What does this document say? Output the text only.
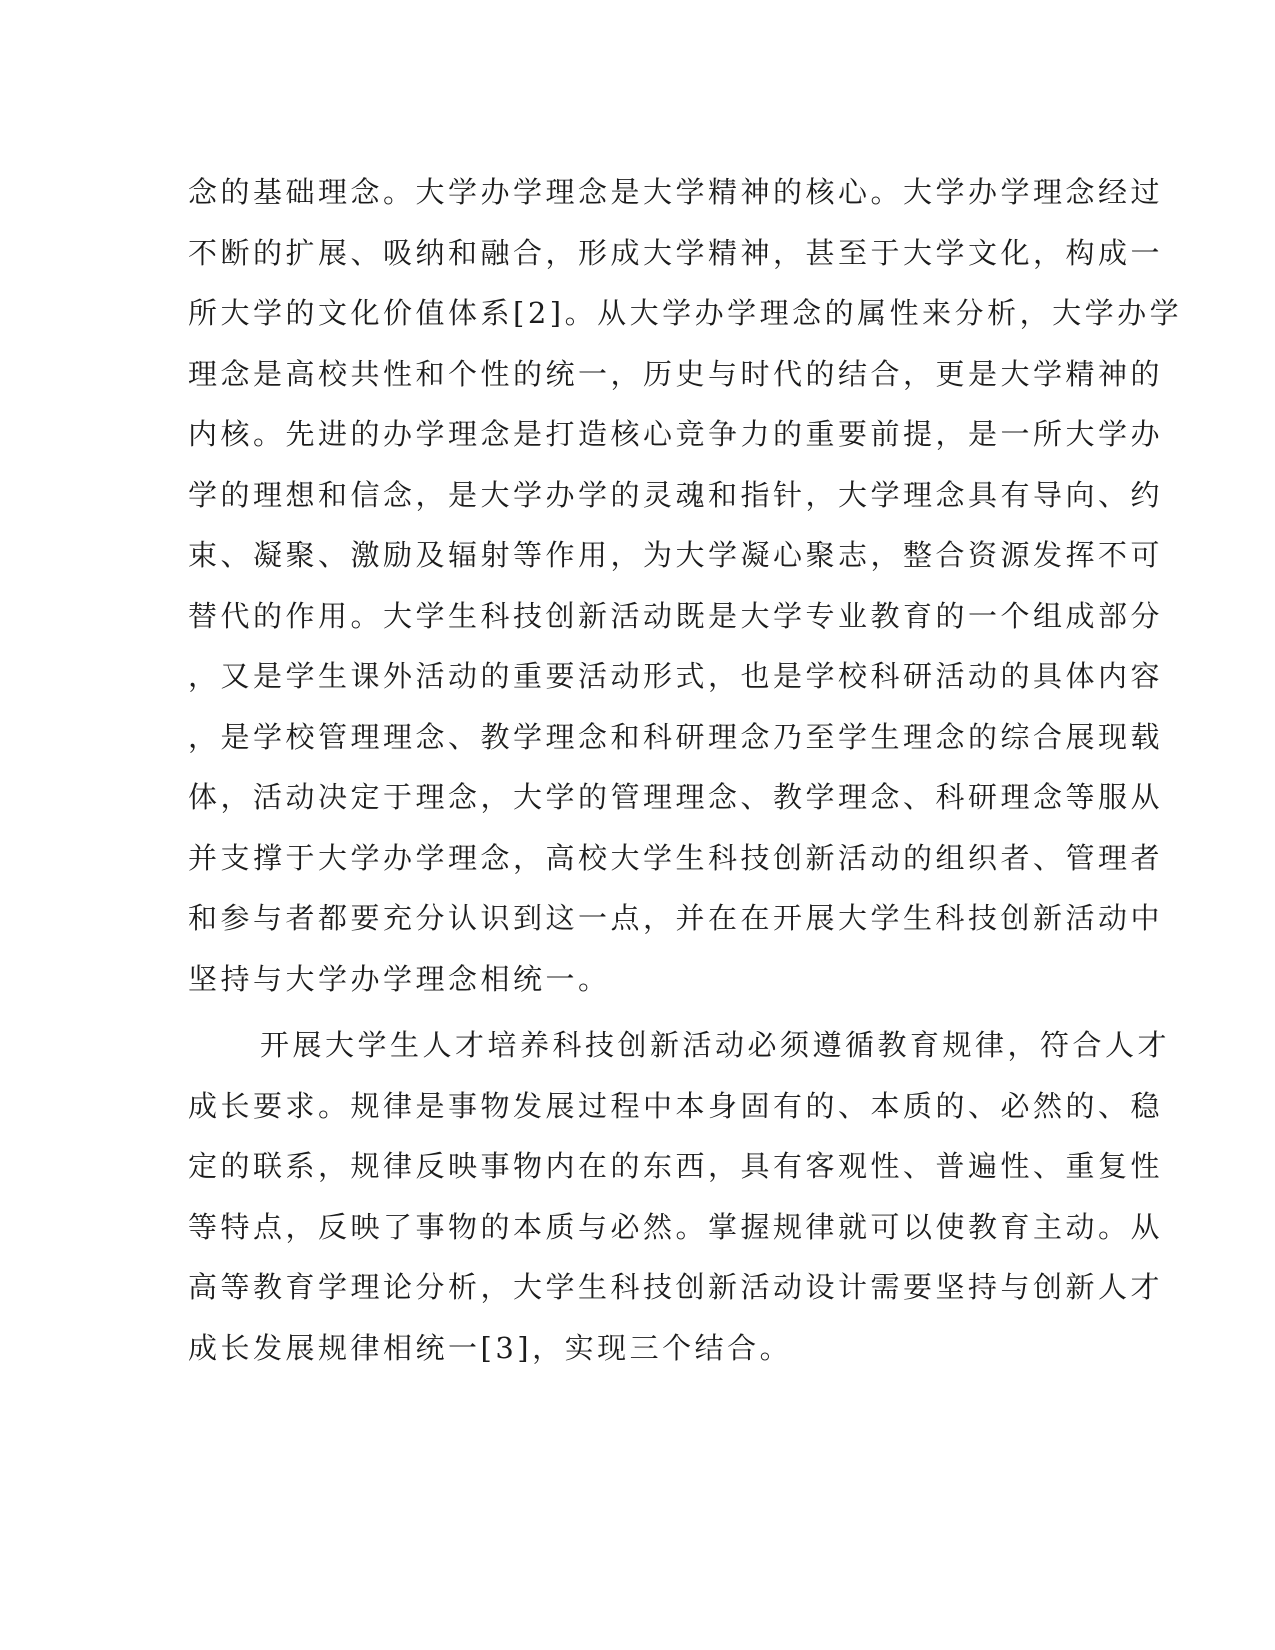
念的基础理念。大学办学理念是大学精神的核心。大学办学理念经过
不断的扩展、吸纳和融合，形成大学精神，甚至于大学文化，构成一
所大学的文化价值体系[2]。从大学办学理念的属性来分析，大学办学
理念是高校共性和个性的统一，历史与时代的结合，更是大学精神的
内核。先进的办学理念是打造核心竞争力的重要前提，是一所大学办
学的理想和信念，是大学办学的灵魂和指针，大学理念具有导向、约
束、凝聚、激励及辐射等作用，为大学凝心聚志，整合资源发挥不可
替代的作用。大学生科技创新活动既是大学专业教育的一个组成部分
，又是学生课外活动的重要活动形式，也是学校科研活动的具体内容
，是学校管理理念、教学理念和科研理念乃至学生理念的综合展现载
体，活动决定于理念，大学的管理理念、教学理念、科研理念等服从
并支撑于大学办学理念，高校大学生科技创新活动的组织者、管理者
和参与者都要充分认识到这一点，并在在开展大学生科技创新活动中
坚持与大学办学理念相统一。
开展大学生人才培养科技创新活动必须遵循教育规律，符合人才
成长要求。规律是事物发展过程中本身固有的、本质的、必然的、稳
定的联系，规律反映事物内在的东西，具有客观性、普遍性、重复性
等特点，反映了事物的本质与必然。掌握规律就可以使教育主动。从
高等教育学理论分析，大学生科技创新活动设计需要坚持与创新人才
成长发展规律相统一[3]，实现三个结合。
